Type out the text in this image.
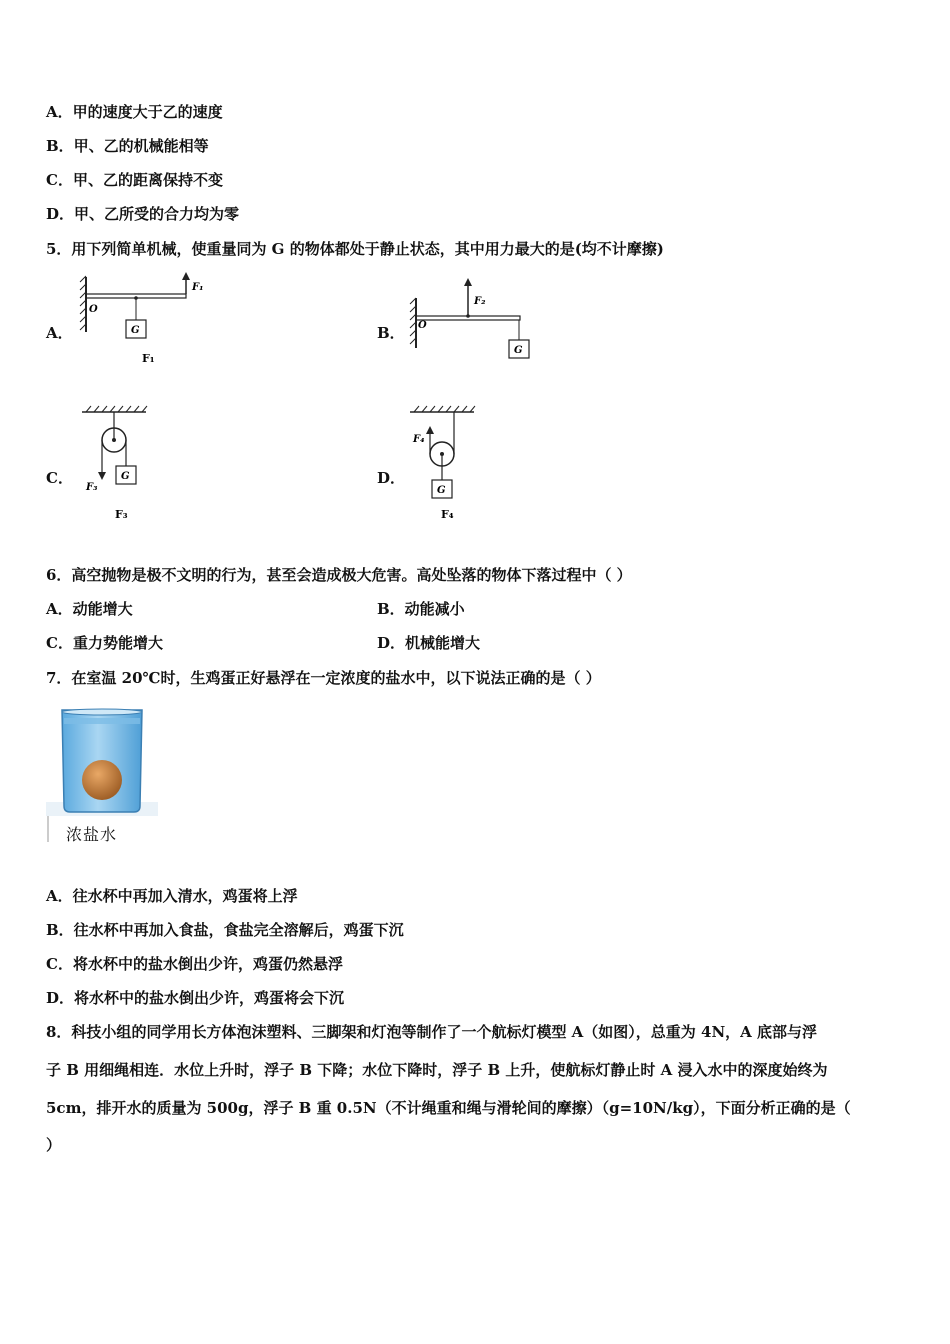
A．甲的速度大于乙的速度
B．甲、乙的机械能相等
C．甲、乙的距离保持不变
D．甲、乙所受的合力均为零
5．用下列简单机械，使重量同为 G 的物体都处于静止状态，其中用力最大的是(均不计摩擦)
A．
O
F₁
G
F₁
B． O
F₂
G
C．
F₃
G
F₃
D．
F₄
G
F₄
6．高空抛物是极不文明的行为，甚至会造成极大危害。高处坠落的物体下落过程中（ ）
A．动能增大	B．动能减小
C．重力势能增大	D．机械能增大
7．在室温 20℃时，生鸡蛋正好悬浮在一定浓度的盐水中，以下说法正确的是（ ）
浓盐水
A．往水杯中再加入清水，鸡蛋将上浮
B．往水杯中再加入食盐，食盐完全溶解后，鸡蛋下沉
C．将水杯中的盐水倒出少许，鸡蛋仍然悬浮
D．将水杯中的盐水倒出少许，鸡蛋将会下沉
8．科技小组的同学用长方体泡沫塑料、三脚架和灯泡等制作了一个航标灯模型 A（如图），总重为 4N，A 底部与浮
子 B 用细绳相连．水位上升时，浮子 B 下降；水位下降时，浮子 B 上升，使航标灯静止时 A 浸入水中的深度始终为
5cm，排开水的质量为 500g，浮子 B 重 0.5N（不计绳重和绳与滑轮间的摩擦）（g=10N/kg），下面分析正确的是（
）
